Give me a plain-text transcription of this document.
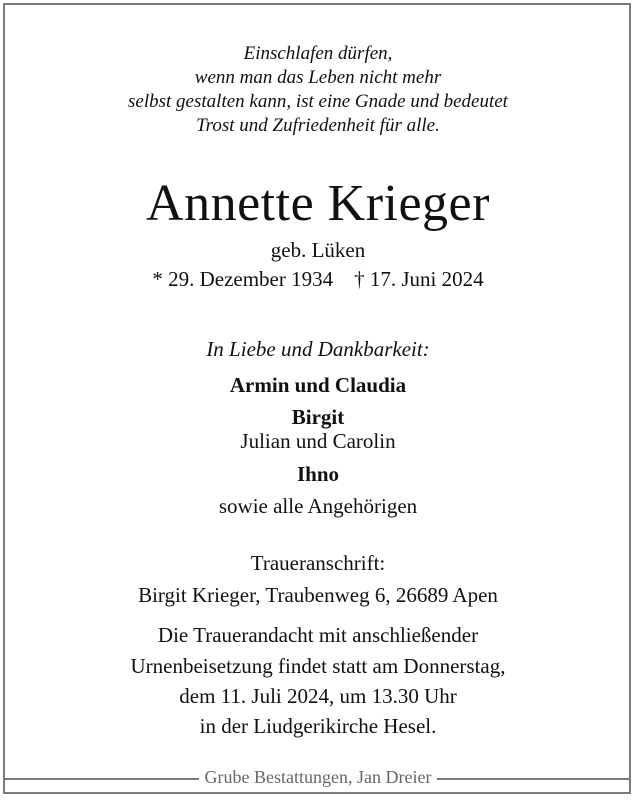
Einschlafen dürfen,
wenn man das Leben nicht mehr
selbst gestalten kann, ist eine Gnade und bedeutet
Trost und Zufriedenheit für alle.
Annette Krieger
geb. Lüken
* 29. Dezember 1934    † 17. Juni 2024
In Liebe und Dankbarkeit:
Armin und Claudia
Birgit
Julian und Carolin
Ihno
sowie alle Angehörigen
Traueranschrift:
Birgit Krieger, Traubenweg 6, 26689 Apen
Die Trauerandacht mit anschließender
Urnenbeisetzung findet statt am Donnerstag,
dem 11. Juli 2024, um 13.30 Uhr
in der Liudgerikirche Hesel.
Grube Bestattungen, Jan Dreier
